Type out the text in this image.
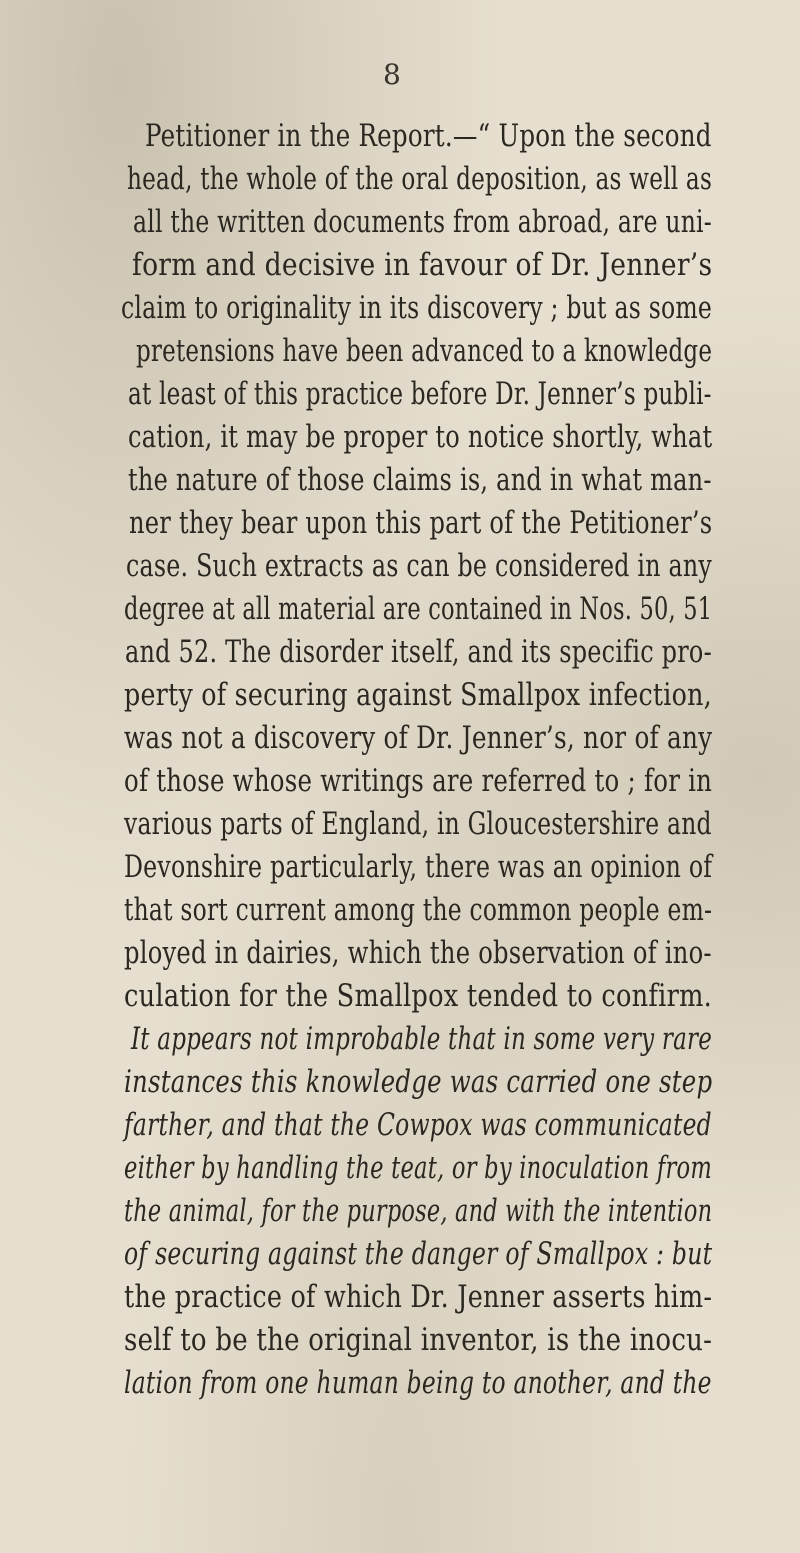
8
Petitioner in the Report.—“ Upon the second
head, the whole of the oral deposition, as well as
all the written documents from abroad, are uni-
form and decisive in favour of Dr. Jenner’s
claim to originality in its discovery ; but as some
pretensions have been advanced to a knowledge
at least of this practice before Dr. Jenner’s publi-
cation, it may be proper to notice shortly, what
the nature of those claims is, and in what man-
ner they bear upon this part of the Petitioner’s
case. Such extracts as can be considered in any
degree at all material are contained in Nos. 50, 51
and 52. The disorder itself, and its specific pro-
perty of securing against Smallpox infection,
was not a discovery of Dr. Jenner’s, nor of any
of those whose writings are referred to ; for in
various parts of England, in Gloucestershire and
Devonshire particularly, there was an opinion of
that sort current among the common people em-
ployed in dairies, which the observation of ino-
culation for the Smallpox tended to confirm.
It appears not improbable that in some very rare
instances this knowledge was carried one step
farther, and that the Cowpox was communicated
either by handling the teat, or by inoculation from
the animal, for the purpose, and with the intention
of securing against the danger of Smallpox : but
the practice of which Dr. Jenner asserts him-
self to be the original inventor, is the inocu-
lation from one human being to another, and the
